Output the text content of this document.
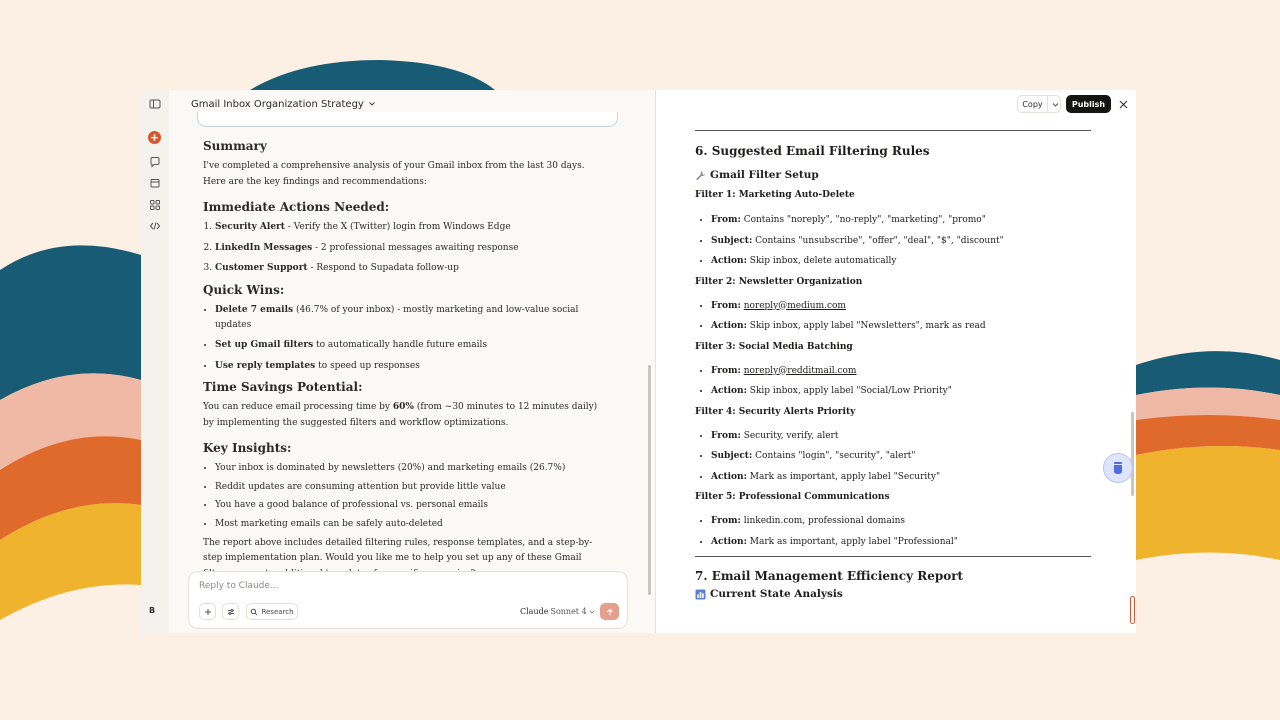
+
B
Gmail Inbox Organization Strategy
Summary

I've completed a comprehensive analysis of your Gmail inbox from the last 30 days. Here are the key findings and recommendations:

Immediate Actions Needed:
1. Security Alert - Verify the X (Twitter) login from Windows Edge
2. LinkedIn Messages - 2 professional messages awaiting response
3. Customer Support - Respond to Supadata follow-up
Quick Wins:
• Delete 7 emails (46.7% of your inbox) - mostly marketing and low-value social updates
• Set up Gmail filters to automatically handle future emails
• Use reply templates to speed up responses
Time Savings Potential:

You can reduce email processing time by 60% (from ~30 minutes to 12 minutes daily) by implementing the suggested filters and workflow optimizations.

Key Insights:
• Your inbox is dominated by newsletters (20%) and marketing emails (26.7%)
• Reddit updates are consuming attention but provide little value
• You have a good balance of professional vs. personal emails
• Most marketing emails can be safely auto-deleted

The report above includes detailed filtering rules, response templates, and a step-by-step implementation plan. Would you like me to help you set up any of these Gmail

Reply to Claude...
Research	Claude Sonnet 4
Copy	Publish
6. Suggested Email Filtering Rules
Gmail Filter Setup
Filter 1: Marketing Auto-Delete
• From: Contains "noreply", "no-reply", "marketing", "promo"
• Subject: Contains "unsubscribe", "offer", "deal", "$", "discount"
• Action: Skip inbox, delete automatically
Filter 2: Newsletter Organization
• From: noreply@medium.com
• Action: Skip inbox, apply label "Newsletters", mark as read
Filter 3: Social Media Batching
• From: noreply@redditmail.com
• Action: Skip inbox, apply label "Social/Low Priority"
Filter 4: Security Alerts Priority
• From: Security, verify, alert
• Subject: Contains "login", "security", "alert"
• Action: Mark as important, apply label "Security"
Filter 5: Professional Communications
• From: linkedin.com, professional domains
• Action: Mark as important, apply label "Professional"
7. Email Management Efficiency Report
Current State Analysis
